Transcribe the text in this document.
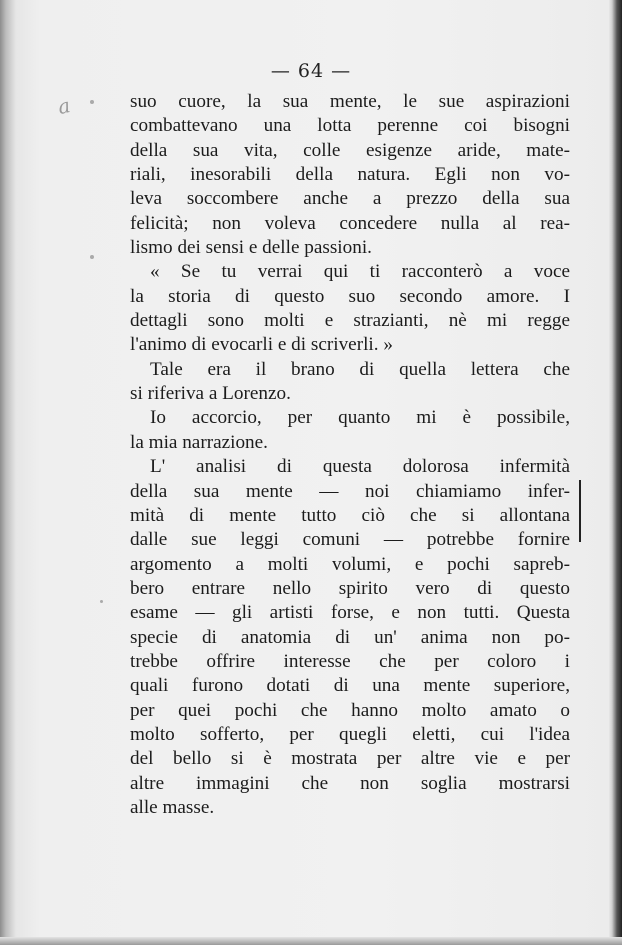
— 64 —
a	suo cuore, la sua mente, le sue aspirazioni
combattevano una lotta perenne coi bisogni
della sua vita, colle esigenze aride, mate-
riali, inesorabili della natura. Egli non vo-
leva soccombere anche a prezzo della sua
felicità; non voleva concedere nulla al rea-
lismo dei sensi e delle passioni.
« Se tu verrai qui ti racconterò a voce
la storia di questo suo secondo amore. I
dettagli sono molti e strazianti, nè mi regge
l'animo di evocarli e di scriverli. »
Tale era il brano di quella lettera che
si riferiva a Lorenzo.
Io accorcio, per quanto mi è possibile,
la mia narrazione.
L' analisi di questa dolorosa infermità
della sua mente — noi chiamiamo infer-
mità di mente tutto ciò che si allontana
dalle sue leggi comuni — potrebbe fornire
argomento a molti volumi, e pochi sapreb-
bero entrare nello spirito vero di questo
esame — gli artisti forse, e non tutti. Questa
specie di anatomia di un' anima non po-
trebbe offrire interesse che per coloro i
quali furono dotati di una mente superiore,
per quei pochi che hanno molto amato o
molto sofferto, per quegli eletti, cui l'idea
del bello si è mostrata per altre vie e per
altre immagini che non soglia mostrarsi
alle masse.
